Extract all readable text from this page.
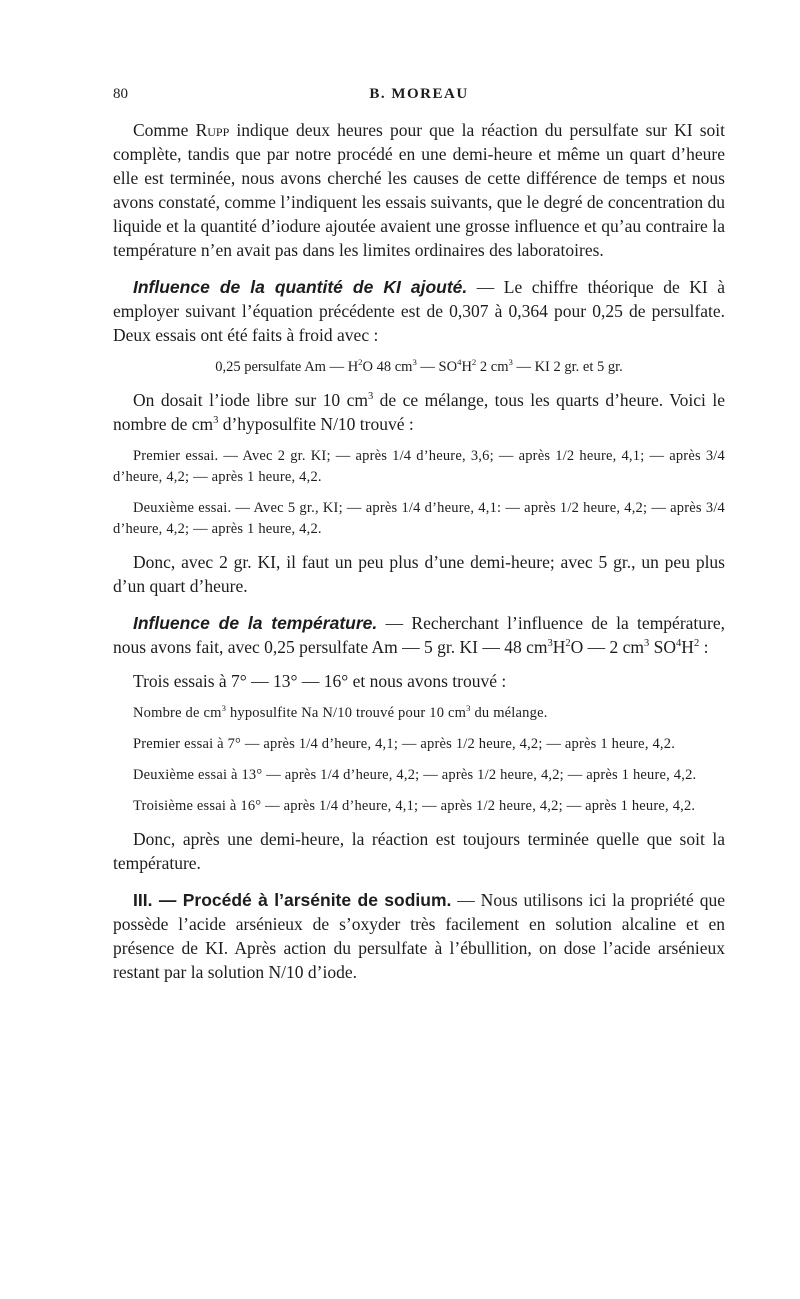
80	B. MOREAU

Comme Rupp indique deux heures pour que la réaction du persulfate sur KI soit complète, tandis que par notre procédé en une demi-heure et même un quart d’heure elle est terminée, nous avons cherché les causes de cette différence de temps et nous avons constaté, comme l’indiquent les essais suivants, que le degré de concentration du liquide et la quantité d’iodure ajoutée avaient une grosse influence et qu’au contraire la température n’en avait pas dans les limites ordinaires des laboratoires.

Influence de la quantité de KI ajouté. — Le chiffre théorique de KI à employer suivant l’équation précédente est de 0,307 à 0,364 pour 0,25 de persulfate. Deux essais ont été faits à froid avec :

0,25 persulfate Am — $H^2O$ 48 $cm^3$ — $SO^4H^2$ 2 $cm^3$ — KI 2 gr. et 5 gr.

On dosait l’iode libre sur 10 $cm^3$ de ce mélange, tous les quarts d’heure. Voici le nombre de $cm^3$ d’hyposulfite N/10 trouvé :

Premier essai. — Avec 2 gr. KI; — après 1/4 d’heure, 3,6; — après 1/2 heure, 4,1; — après 3/4 d’heure, 4,2; — après 1 heure, 4,2.

Deuxième essai. — Avec 5 gr., KI; — après 1/4 d’heure, 4,1: — après 1/2 heure, 4,2; — après 3/4 d’heure, 4,2; — après 1 heure, 4,2.

Donc, avec 2 gr. KI, il faut un peu plus d’une demi-heure; avec 5 gr., un peu plus d’un quart d’heure.

Influence de la température. — Recherchant l’influence de la température, nous avons fait, avec 0,25 persulfate Am — 5 gr. KI — 48 $cm^3H^2O$ — 2 $cm^3$ $SO^4H^2$ :

Trois essais à 7° — 13° — 16° et nous avons trouvé :

Nombre de $cm^3$ hyposulfite Na N/10 trouvé pour 10 $cm^3$ du mélange.

Premier essai à 7° — après 1/4 d’heure, 4,1; — après 1/2 heure, 4,2; — après 1 heure, 4,2.

Deuxième essai à 13° — après 1/4 d’heure, 4,2; — après 1/2 heure, 4,2; — après 1 heure, 4,2.

Troisième essai à 16° — après 1/4 d’heure, 4,1; — après 1/2 heure, 4,2; — après 1 heure, 4,2.

Donc, après une demi-heure, la réaction est toujours terminée quelle que soit la température.

III. — Procédé à l’arsénite de sodium. — Nous utilisons ici la propriété que possède l’acide arsénieux de s’oxyder très facilement en solution alcaline et en présence de KI. Après action du persulfate à l’ébullition, on dose l’acide arsénieux restant par la solution N/10 d’iode.
